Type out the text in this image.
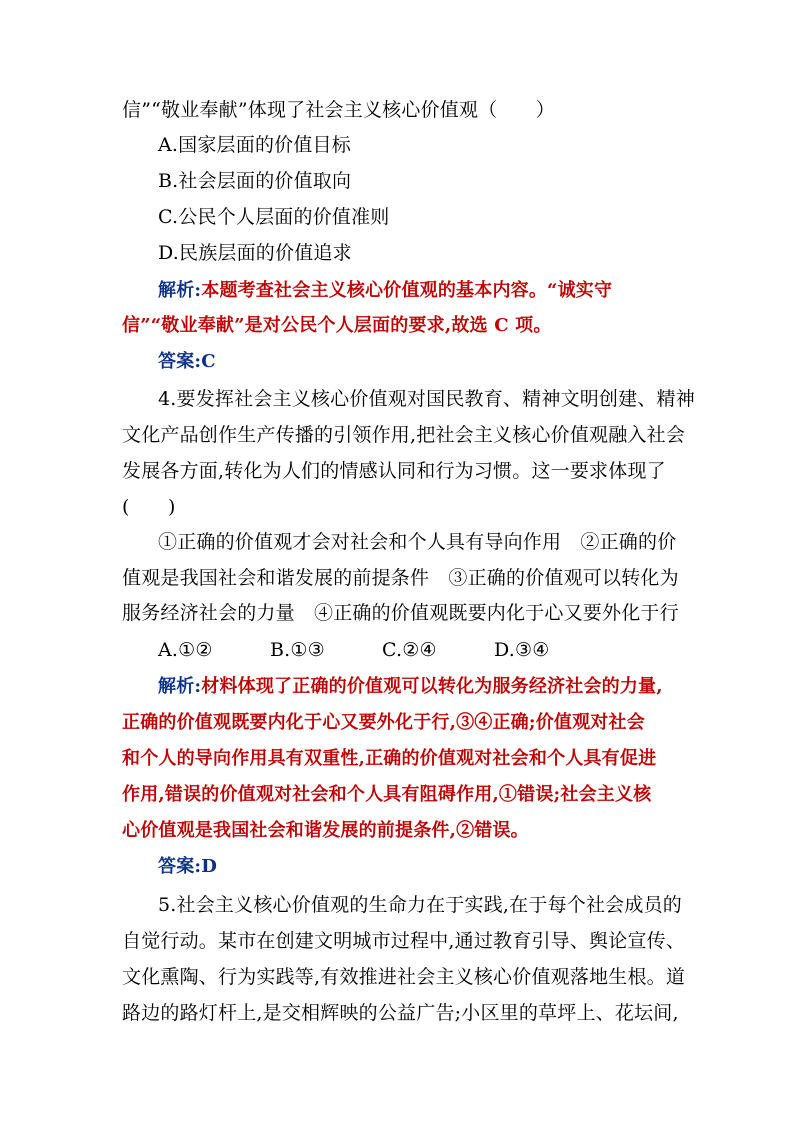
信”“敬业奉献”体现了社会主义核心价值观（　　）
A.国家层面的价值目标
B.社会层面的价值取向
C.公民个人层面的价值准则
D.民族层面的价值追求
解析:本题考查社会主义核心价值观的基本内容。“诚实守
信”“敬业奉献”是对公民个人层面的要求,故选 C 项。
答案:C
4.要发挥社会主义核心价值观对国民教育、精神文明创建、精神
文化产品创作生产传播的引领作用,把社会主义核心价值观融入社会
发展各方面,转化为人们的情感认同和行为习惯。这一要求体现了
(　　)
①正确的价值观才会对社会和个人具有导向作用　②正确的价
值观是我国社会和谐发展的前提条件　③正确的价值观可以转化为
服务经济社会的力量　④正确的价值观既要内化于心又要外化于行
A.①②	B.①③	C.②④	D.③④
解析:材料体现了正确的价值观可以转化为服务经济社会的力量,
正确的价值观既要内化于心又要外化于行,③④正确;价值观对社会
和个人的导向作用具有双重性,正确的价值观对社会和个人具有促进
作用,错误的价值观对社会和个人具有阻碍作用,①错误;社会主义核
心价值观是我国社会和谐发展的前提条件,②错误。
答案:D
5.社会主义核心价值观的生命力在于实践,在于每个社会成员的
自觉行动。某市在创建文明城市过程中,通过教育引导、舆论宣传、
文化熏陶、行为实践等,有效推进社会主义核心价值观落地生根。道
路边的路灯杆上,是交相辉映的公益广告;小区里的草坪上、花坛间,
